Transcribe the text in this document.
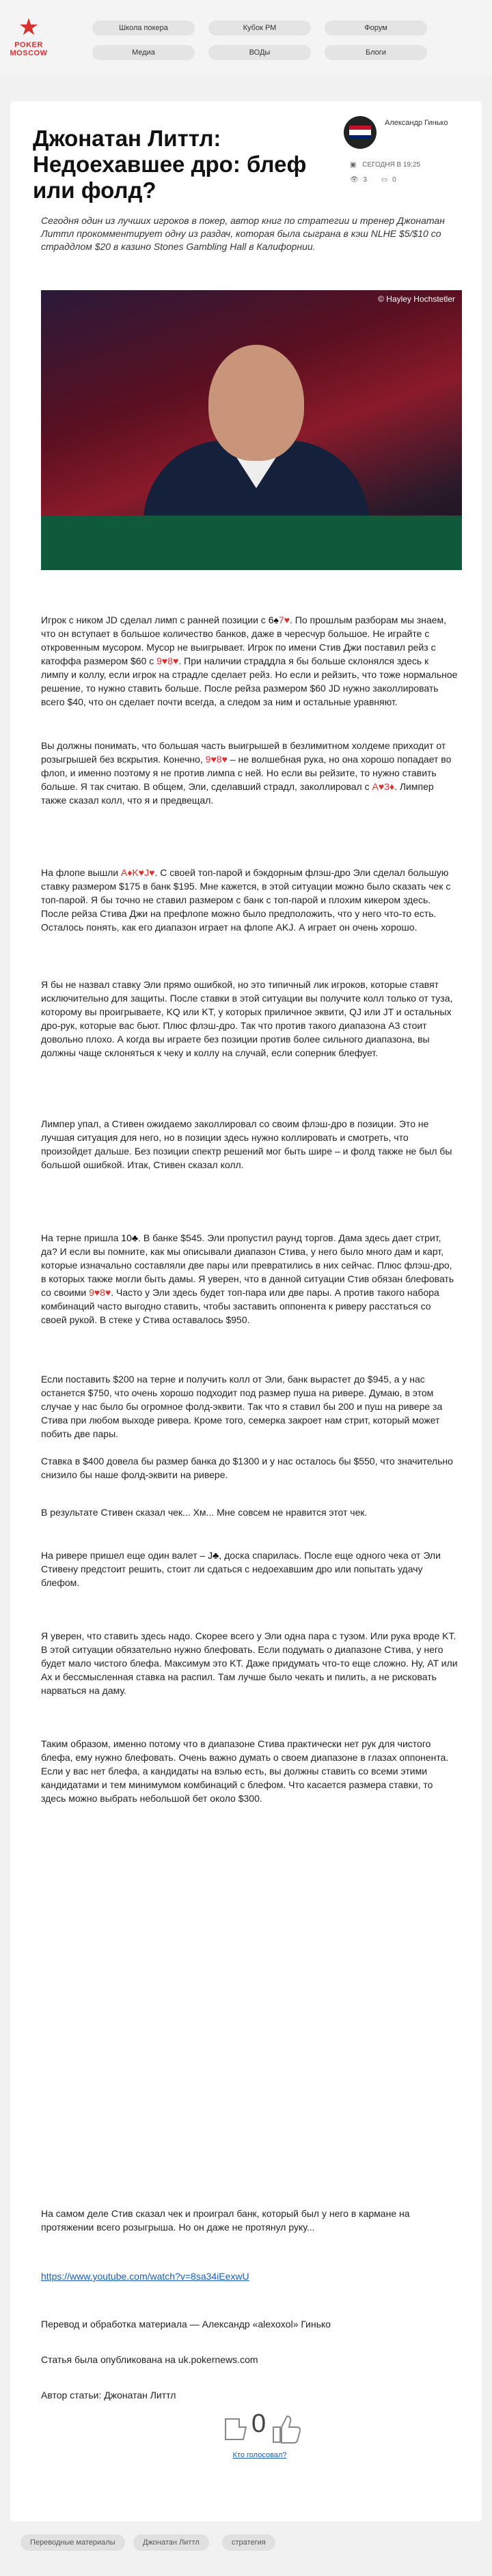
★
POKER
MOSCOW
Школа покера	Кубок РМ	Форум
Медиа	ВОДы	Блоги
Джонатан Литтл: Недоехавшее дро: блеф или фолд?
Александр Гинько
▣ СЕГОДНЯ В 19:25
👁 3 ▭ 0

Сегодня один из лучших игроков в покер, автор книг по стратегии и тренер Джонатан Литтл прокомментирует одну из раздач, которая была сыграна в кэш NLHE $5/$10 со страддлом $20 в казино Stones Gambling Hall в Калифорнии.

© Hayley Hochstetler

Игрок с ником JD сделал лимп с ранней позиции с 6♠7♥. По прошлым разборам мы знаем, что он вступает в большое количество банков, даже в чересчур большое. Не играйте с откровенным мусором. Мусор не выигрывает. Игрок по имени Стив Джи поставил рейз с катоффа размером $60 с 9♥8♥. При наличии страддла я бы больше склонялся здесь к лимпу и коллу, если игрок на страдле сделает рейз. Но если и рейзить, что тоже нормальное решение, то нужно ставить больше. После рейза размером $60 JD нужно заколлировать всего $40, что он сделает почти всегда, а следом за ним и остальные уравняют.

Вы должны понимать, что большая часть выигрышей в безлимитном холдеме приходит от розыгрышей без вскрытия. Конечно, 9♥8♥ – не волшебная рука, но она хорошо попадает во флоп, и именно поэтому я не против лимпа с ней. Но если вы рейзите, то нужно ставить больше. Я так считаю. В общем, Эли, сделавший страдл, заколлировал с A♥3♦. Лимпер также сказал колл, что я и предвещал.

На флопе вышли A♦K♥J♥. С своей топ-парой и бэкдорным флэш-дро Эли сделал большую ставку размером $175 в банк $195. Мне кажется, в этой ситуации можно было сказать чек с топ-парой. Я бы точно не ставил размером с банк с топ-парой и плохим кикером здесь. После рейза Стива Джи на префлопе можно было предположить, что у него что-то есть. Осталось понять, как его диапазон играет на флопе AKJ. А играет он очень хорошо.

Я бы не назвал ставку Эли прямо ошибкой, но это типичный лик игроков, которые ставят исключительно для защиты. После ставки в этой ситуации вы получите колл только от туза, которому вы проигрываете, KQ или KT, у которых приличное эквити, QJ или JT и остальных дро-рук, которые вас бьют. Плюс флэш-дро. Так что против такого диапазона А3 стоит довольно плохо. А когда вы играете без позиции против более сильного диапазона, вы должны чаще склоняться к чеку и коллу на случай, если соперник блефует.

Лимпер упал, а Стивен ожидаемо заколлировал со своим флэш-дро в позиции. Это не лучшая ситуация для него, но в позиции здесь нужно коллировать и смотреть, что произойдет дальше. Без позиции спектр решений мог быть шире – и фолд также не был бы большой ошибкой. Итак, Стивен сказал колл.

На терне пришла 10♣. В банке $545. Эли пропустил раунд торгов. Дама здесь дает стрит, да? И если вы помните, как мы описывали диапазон Стива, у него было много дам и карт, которые изначально составляли две пары или превратились в них сейчас. Плюс флэш-дро, в которых также могли быть дамы. Я уверен, что в данной ситуации Стив обязан блефовать со своими 9♥8♥. Часто у Эли здесь будет топ-пара или две пары. А против такого набора комбинаций часто выгодно ставить, чтобы заставить оппонента к риверу расстаться со своей рукой. В стеке у Стива оставалось $950.

Если поставить $200 на терне и получить колл от Эли, банк вырастет до $945, а у нас останется $750, что очень хорошо подходит под размер пуша на ривере. Думаю, в этом случае у нас было бы огромное фолд-эквити. Так что я ставил бы 200 и пуш на ривере за Стива при любом выходе ривера. Кроме того, семерка закроет нам стрит, который может побить две пары.

Ставка в $400 довела бы размер банка до $1300 и у нас осталось бы $550, что значительно снизило бы наше фолд-эквити на ривере.

В результате Стивен сказал чек... Хм... Мне совсем не нравится этот чек.

На ривере пришел еще один валет – J♣, доска спарилась. После еще одного чека от Эли Стивену предстоит решить, стоит ли сдаться с недоехавшим дро или попытать удачу блефом.

Я уверен, что ставить здесь надо. Скорее всего у Эли одна пара с тузом. Или рука вроде KT. В этой ситуации обязательно нужно блефовать. Если подумать о диапазоне Стива, у него будет мало чистого блефа. Максимум это KT. Даже придумать что-то еще сложно. Ну, AT или Ax и бессмысленная ставка на распил. Там лучше было чекать и пилить, а не рисковать нарваться на даму.

Таким образом, именно потому что в диапазоне Стива практически нет рук для чистого блефа, ему нужно блефовать. Очень важно думать о своем диапазоне в глазах оппонента. Если у вас нет блефа, а кандидаты на вэлью есть, вы должны ставить со всеми этими кандидатами и тем минимумом комбинаций с блефом. Что касается размера ставки, то здесь можно выбрать небольшой бет около $300.

На самом деле Стив сказал чек и проиграл банк, который был у него в кармане на протяжении всего розыгрыша. Но он даже не протянул руку...

https://www.youtube.com/watch?v=8sa34iEexwU

Перевод и обработка материала — Александр «alexoxol» Гинько

Статья была опубликована на uk.pokernews.com

Автор статьи: Джонатан Литтл

0
Кто голосовал?
Переводные материалы	Джонатан Литтл	стратегия
